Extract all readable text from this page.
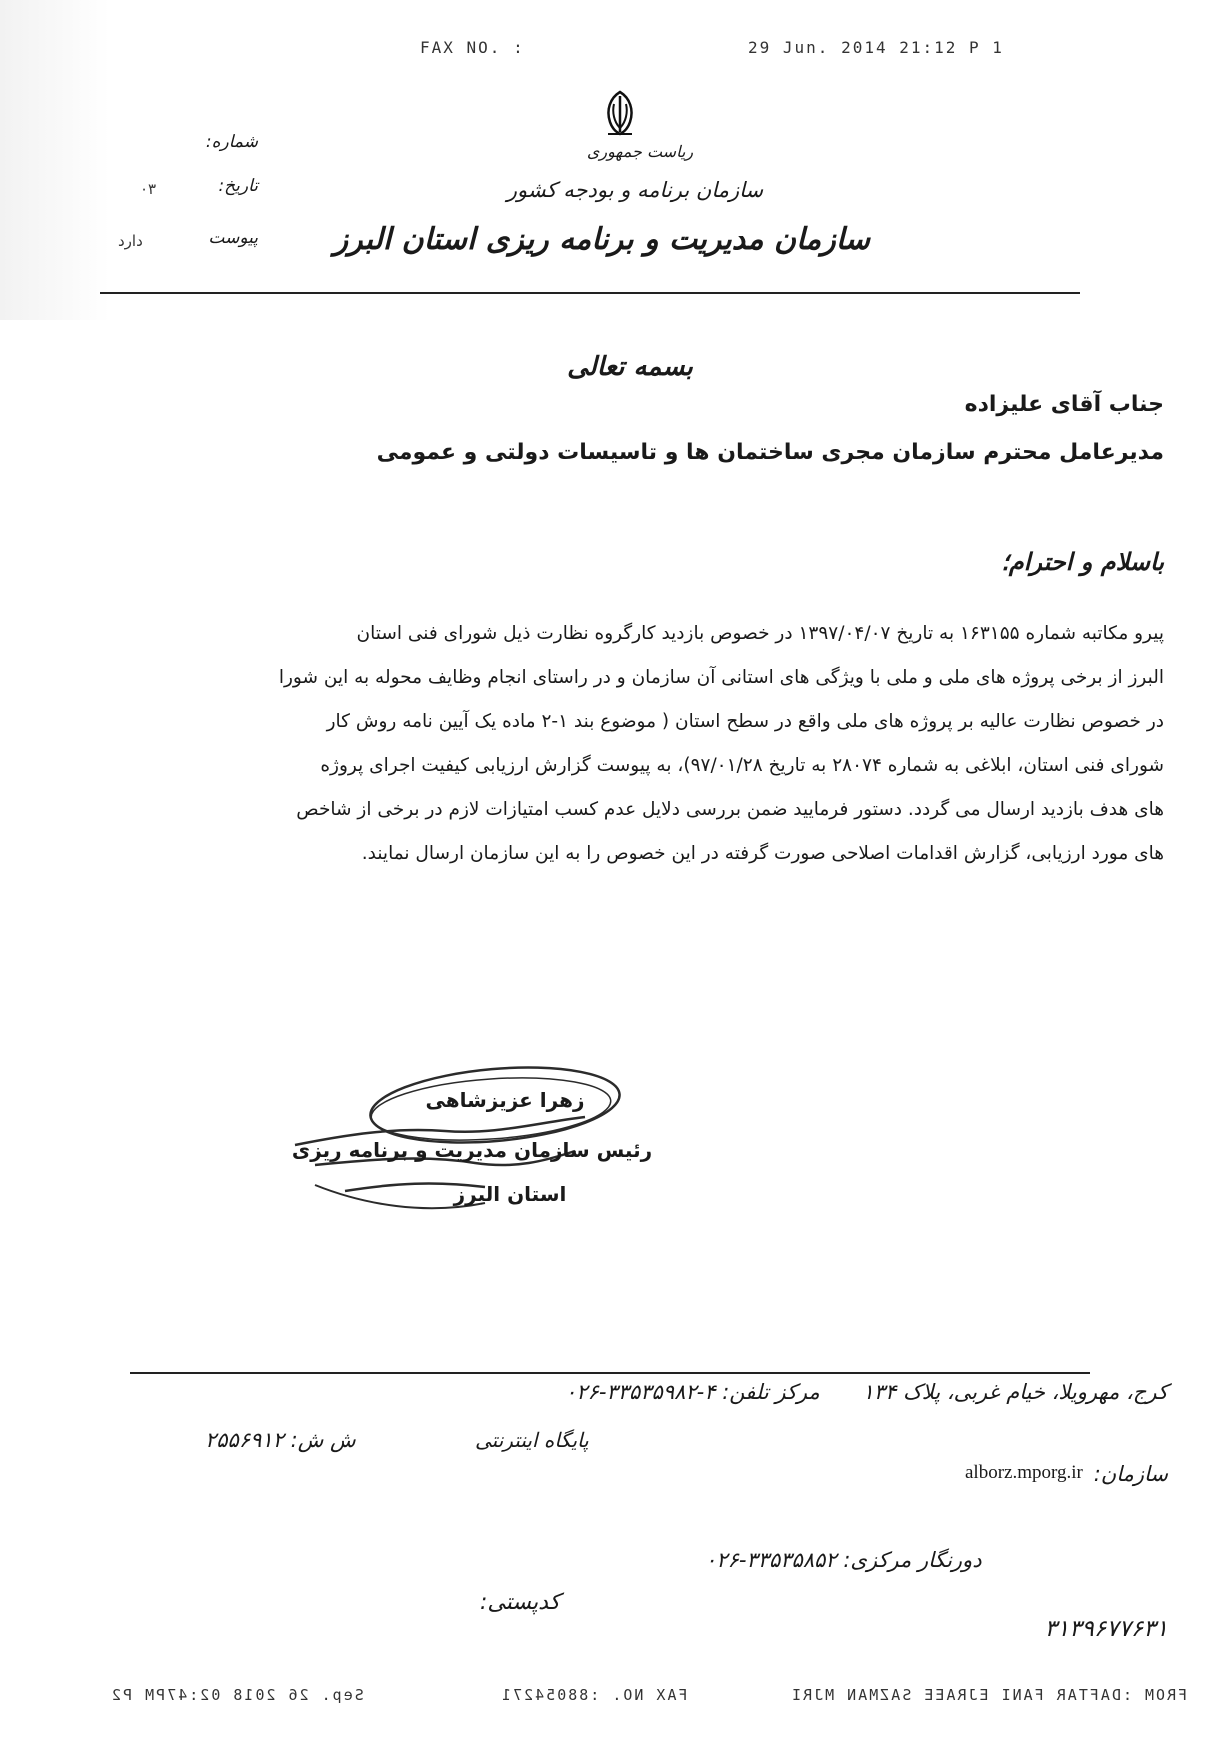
FAX NO. :	29 Jun. 2014 21:12 P 1
ریاست جمهوری
سازمان برنامه و بودجه کشور
سازمان مدیریت و برنامه ریزی استان البرز
شماره:
تاریخ:
۰۳
پیوست
دارد
بسمه تعالی
جناب آقای علیزاده
مدیرعامل محترم سازمان مجری ساختمان ها و تاسیسات دولتی و عمومی
باسلام و احترام؛

پیرو مکاتبه شماره ۱۶۳۱۵۵ به تاریخ ۱۳۹۷/۰۴/۰۷ در خصوص بازدید کارگروه نظارت ذیل شورای فنی استان

البرز از برخی پروژه های ملی و ملی با ویژگی های استانی آن سازمان و در راستای انجام وظایف محوله به این شورا

در خصوص نظارت عالیه بر پروژه های ملی واقع در سطح استان ( موضوع بند ۱-۲ ماده یک آیین نامه روش کار

شورای فنی استان، ابلاغی به شماره ۲۸۰۷۴ به تاریخ ۹۷/۰۱/۲۸)، به پیوست گزارش ارزیابی کیفیت اجرای پروژه

های هدف بازدید ارسال می گردد. دستور فرمایید ضمن بررسی دلایل عدم کسب امتیازات لازم در برخی از شاخص

های مورد ارزیابی، گزارش اقدامات اصلاحی صورت گرفته در این خصوص را به این سازمان ارسال نمایند.

زهرا عزیزشاهی
رئیس سازمان مدیریت و برنامه ریزی
استان البرز
کرج، مهرویلا، خیام غربی، پلاک ۱۳۴
مرکز تلفن: ۴-۳۳۵۳۵۹۸۲-۰۲۶
پایگاه اینترنتی
ش ش: ۲۵۵۶۹۱۲
سازمان:
alborz.mporg.ir
دورنگار مرکزی: ۳۳۵۳۵۸۵۲-۰۲۶
کدپستی:
۳۱۳۹۶۷۷۶۳۱
Sep. 26 2018 02:47PM P2	FAX NO. :88054271	FROM :DAFTAR FANI EJRAEE SAZMAN MJRI
